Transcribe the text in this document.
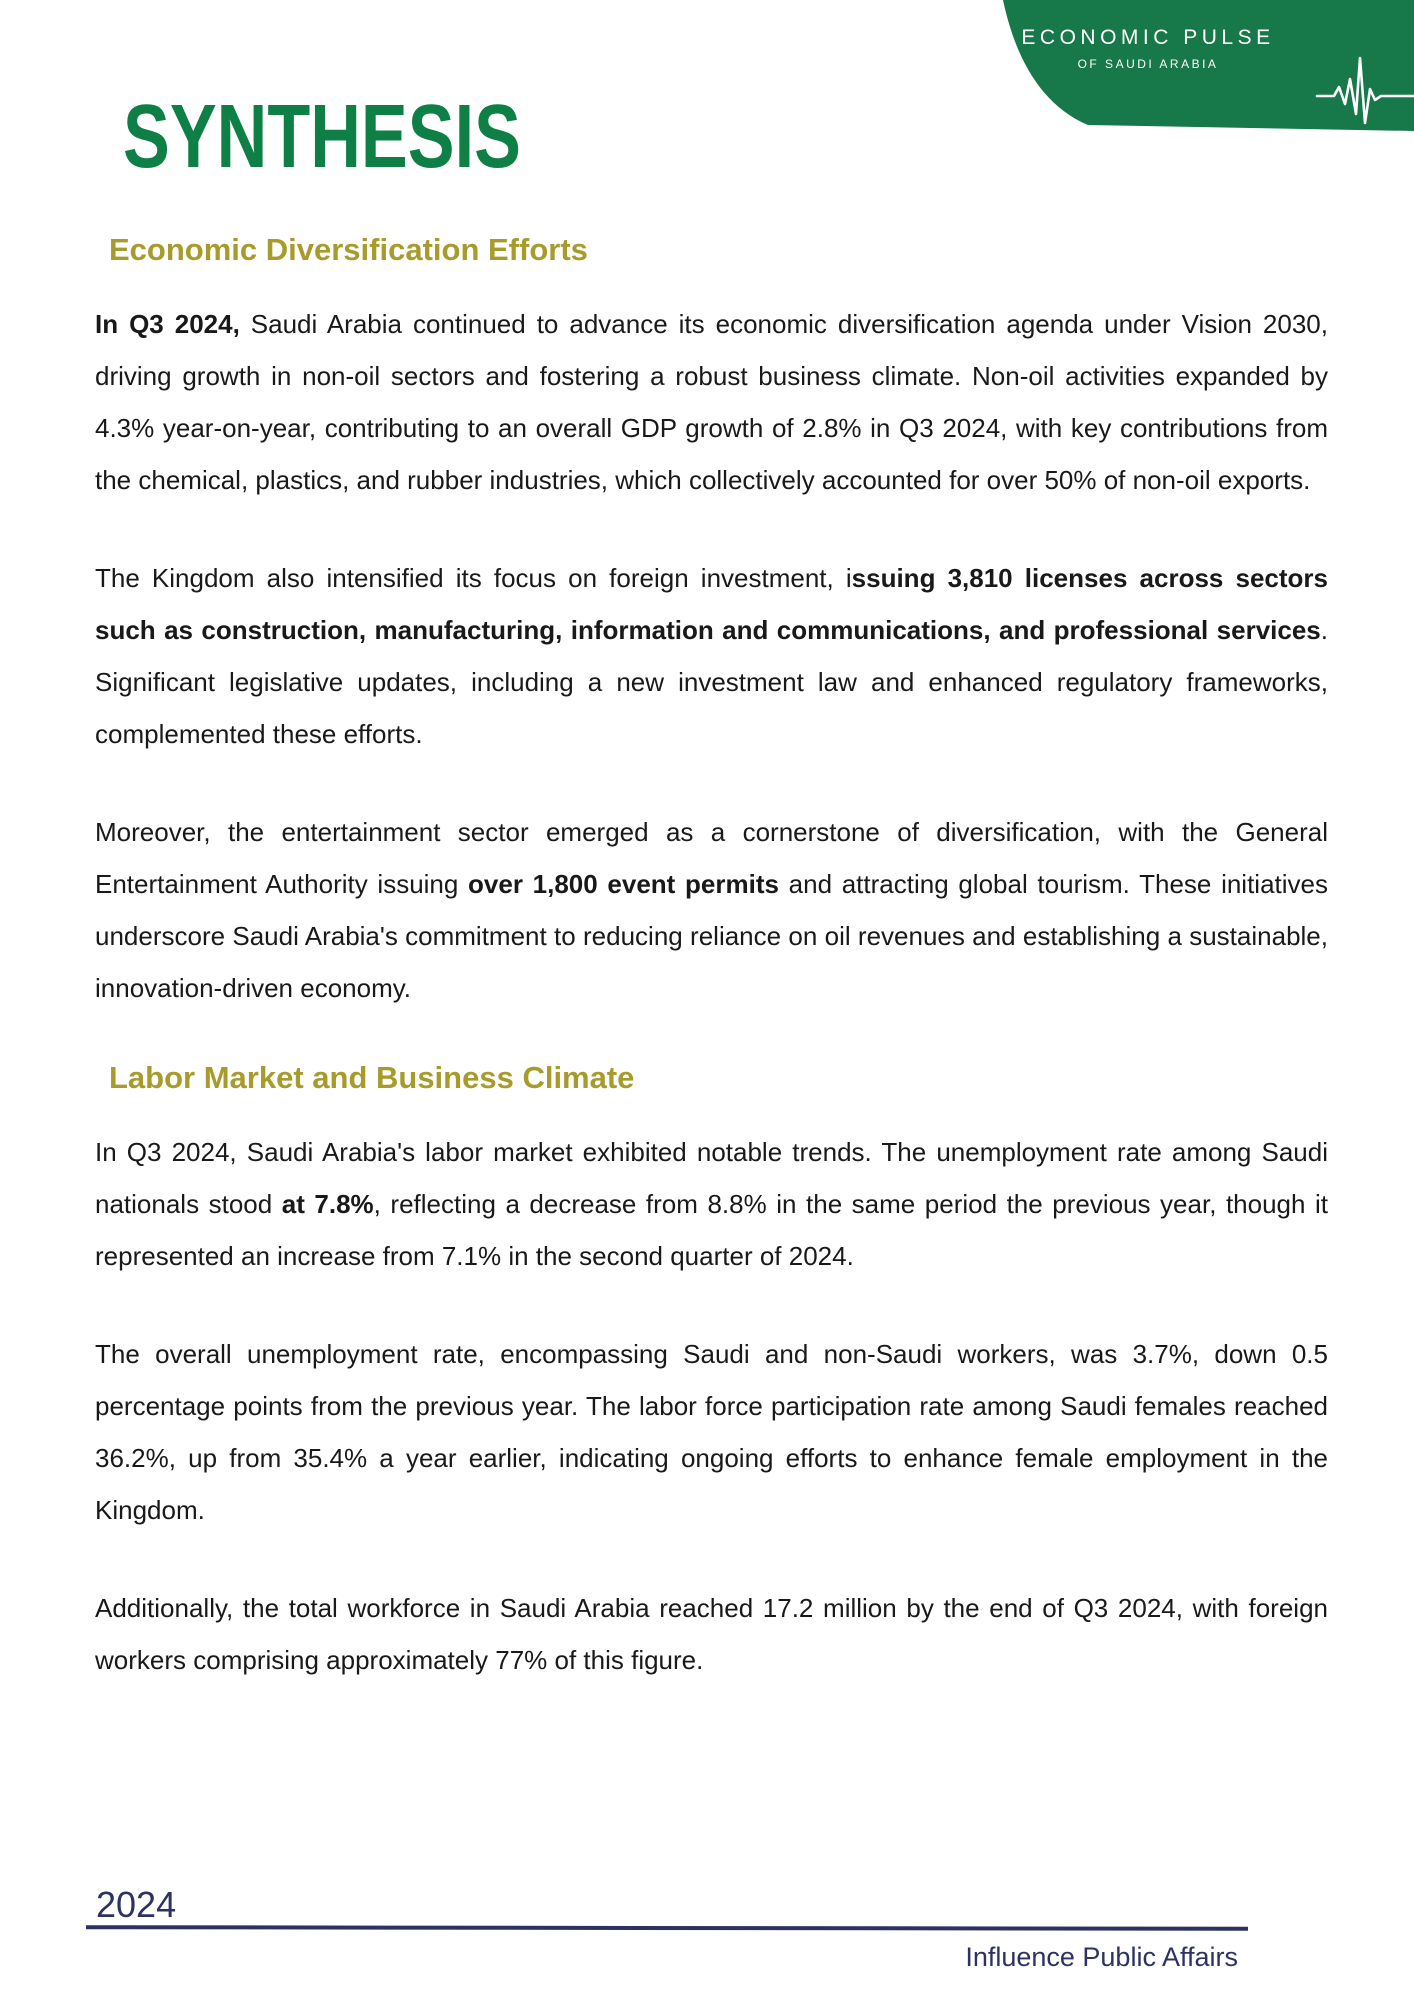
ECONOMIC PULSE
OF SAUDI ARABIA
SYNTHESIS
Economic Diversification Efforts

In Q3 2024, Saudi Arabia continued to advance its economic diversification agenda under Vision 2030, driving growth in non-oil sectors and fostering a robust business climate. Non-oil activities expanded by 4.3% year-on-year, contributing to an overall GDP growth of 2.8% in Q3 2024, with key contributions from the chemical, plastics, and rubber industries, which collectively accounted for over 50% of non-oil exports.

The Kingdom also intensified its focus on foreign investment, issuing 3,810 licenses across sectors such as construction, manufacturing, information and communications, and professional services. Significant legislative updates, including a new investment law and enhanced regulatory frameworks, complemented these efforts.

Moreover, the entertainment sector emerged as a cornerstone of diversification, with the General Entertainment Authority issuing over 1,800 event permits and attracting global tourism. These initiatives underscore Saudi Arabia's commitment to reducing reliance on oil revenues and establishing a sustainable, innovation-driven economy.

Labor Market and Business Climate

In Q3 2024, Saudi Arabia's labor market exhibited notable trends. The unemployment rate among Saudi nationals stood at 7.8%, reflecting a decrease from 8.8% in the same period the previous year, though it represented an increase from 7.1% in the second quarter of 2024.

The overall unemployment rate, encompassing Saudi and non-Saudi workers, was 3.7%, down 0.5 percentage points from the previous year. The labor force participation rate among Saudi females reached 36.2%, up from 35.4% a year earlier, indicating ongoing efforts to enhance female employment in the Kingdom.

Additionally, the total workforce in Saudi Arabia reached 17.2 million by the end of Q3 2024, with foreign workers comprising approximately 77% of this figure.

2024
Influence Public Affairs
